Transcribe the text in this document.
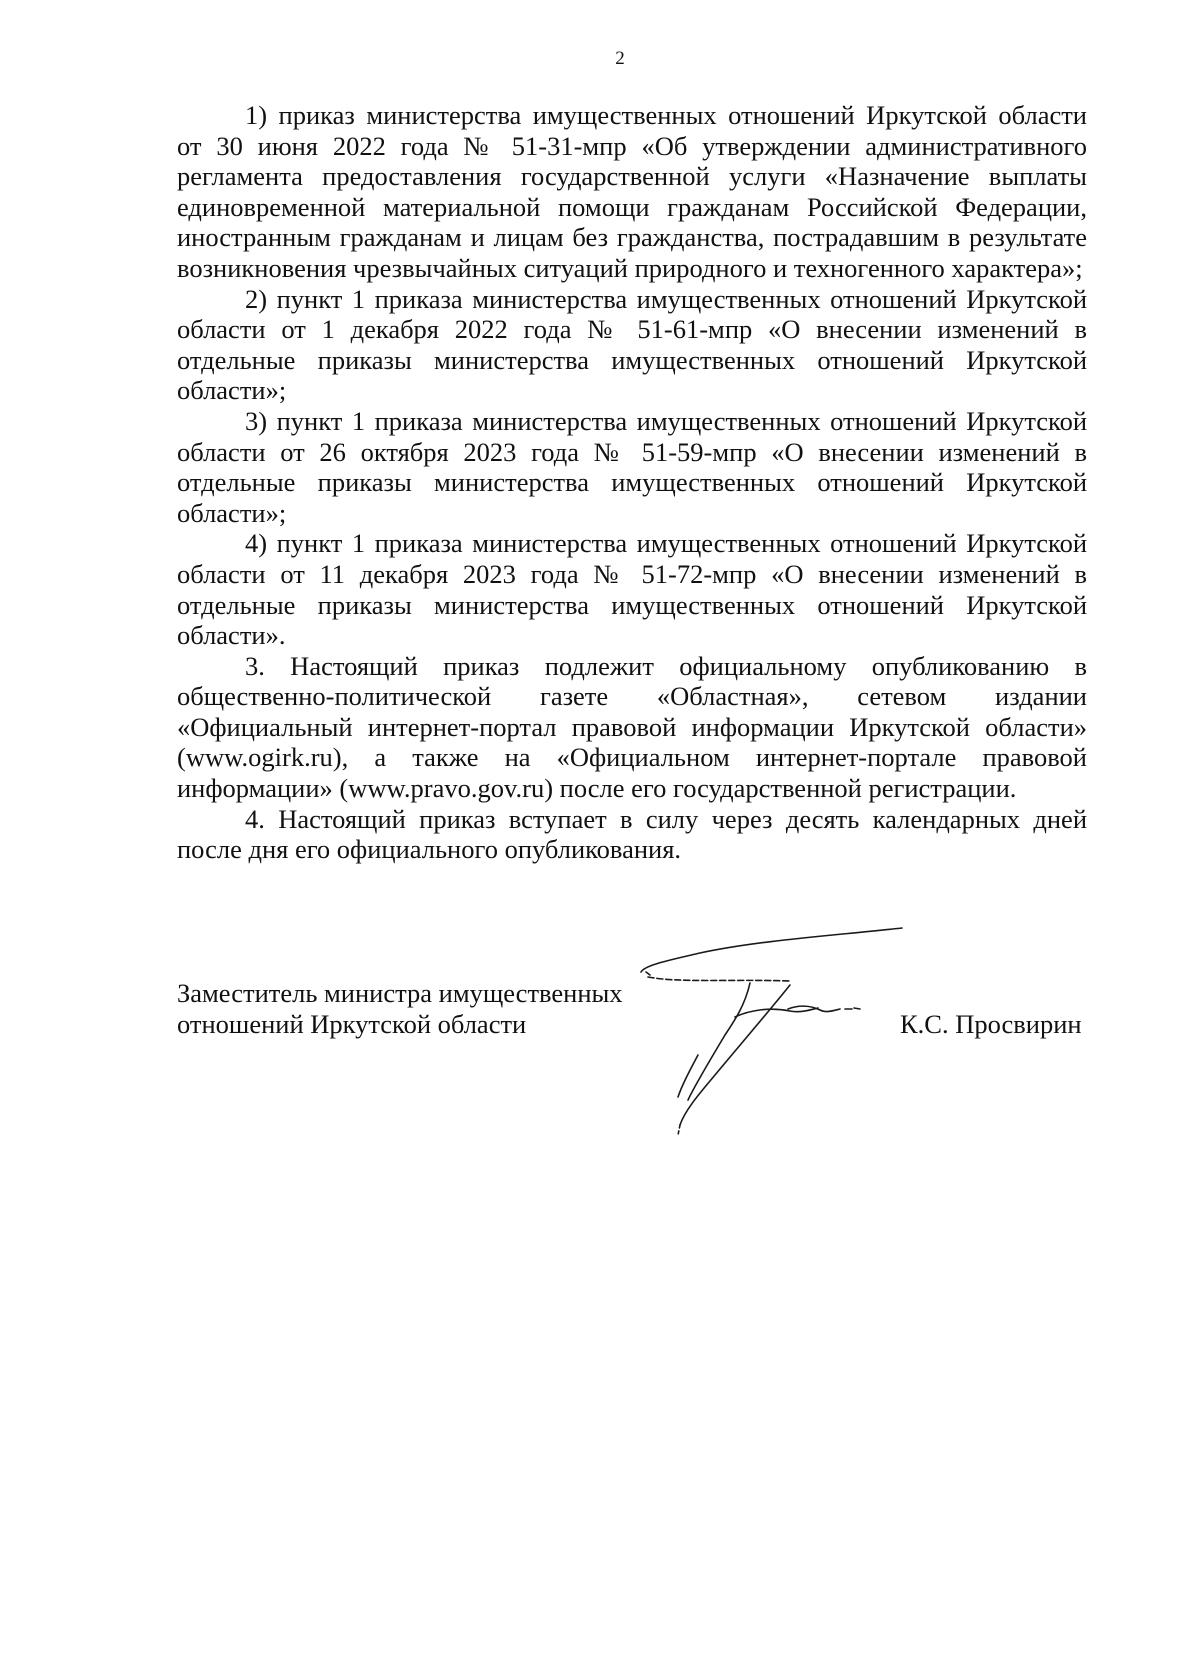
2

1) приказ министерства имущественных отношений Иркутской области от 30 июня 2022 года № 51-31-мпр «Об утверждении административного регламента предоставления государственной услуги «Назначение выплаты единовременной материальной помощи гражданам Российской Федерации, иностранным гражданам и лицам без гражданства, пострадавшим в результате возникновения чрезвычайных ситуаций природного и техногенного характера»;

2) пункт 1 приказа министерства имущественных отношений Иркутской области от 1 декабря 2022 года № 51-61-мпр «О внесении изменений в отдельные приказы министерства имущественных отношений Иркутской области»;

3) пункт 1 приказа министерства имущественных отношений Иркутской области от 26 октября 2023 года № 51-59-мпр «О внесении изменений в отдельные приказы министерства имущественных отношений Иркутской области»;

4) пункт 1 приказа министерства имущественных отношений Иркутской области от 11 декабря 2023 года № 51-72-мпр «О внесении изменений в отдельные приказы министерства имущественных отношений Иркутской области».

3. Настоящий приказ подлежит официальному опубликованию в общественно-политической газете «Областная», сетевом издании «Официальный интернет-портал правовой информации Иркутской области» (www.ogirk.ru), а также на «Официальном интернет-портале правовой информации» (www.pravo.gov.ru) после его государственной регистрации.

4. Настоящий приказ вступает в силу через десять календарных дней после дня его официального опубликования.

Заместитель министра имущественных
отношений Иркутской области	К.С. Просвирин
